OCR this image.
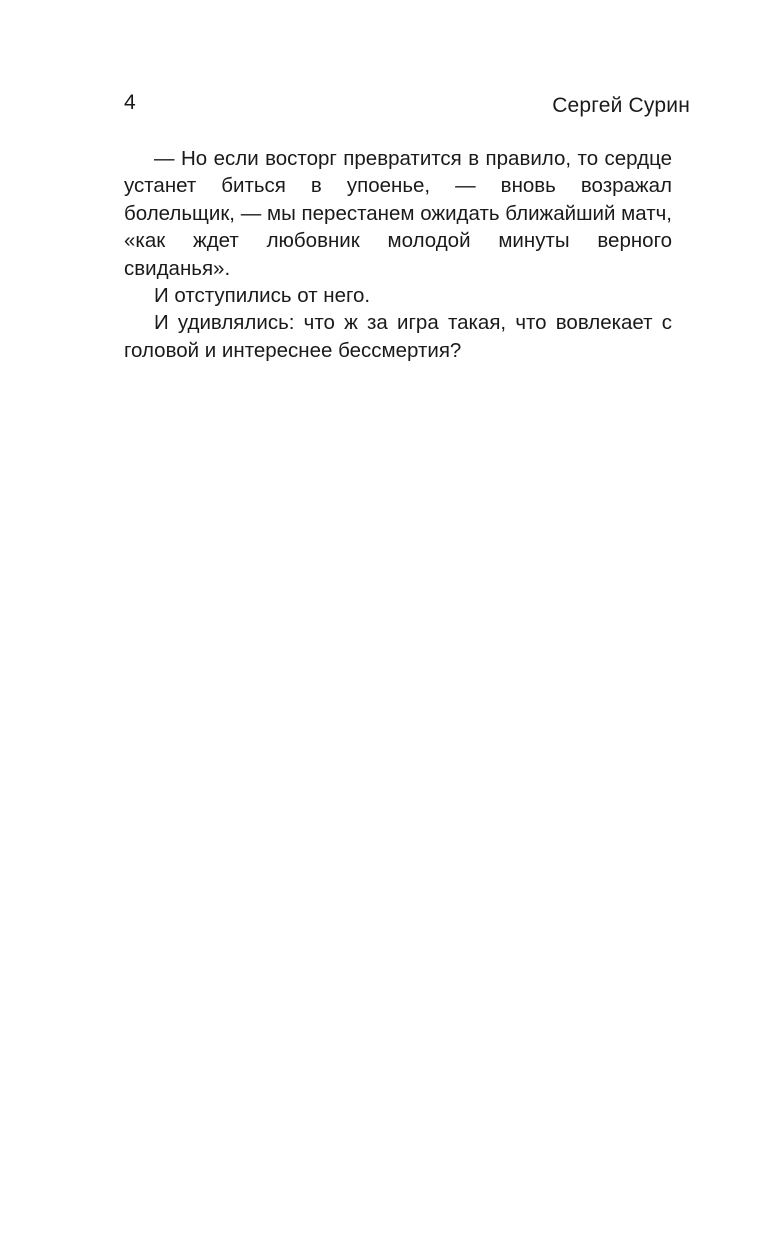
4	Сергей Сурин

— Но если восторг превратится в правило, то сердце устанет биться в упоенье, — вновь возражал болельщик, — мы перестанем ожидать ближайший матч, «как ждет любовник молодой минуты верного свиданья».

И отступились от него.

И удивлялись: что ж за игра такая, что вовлекает с головой и интереснее бессмертия?
